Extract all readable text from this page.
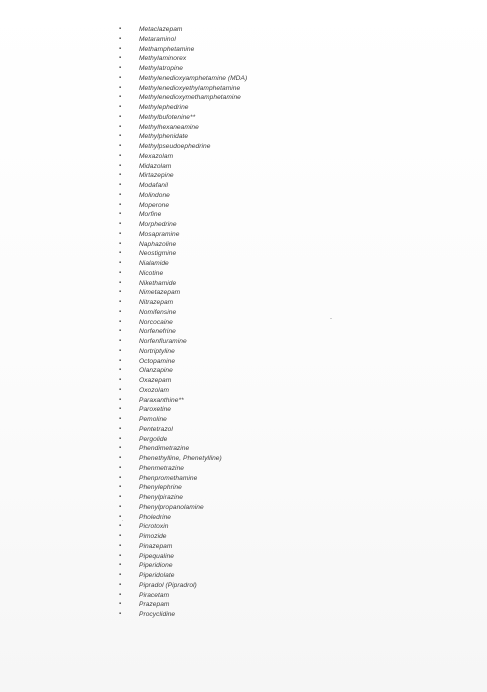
▪	Metaclazepam
▪	Metaraminol
▪	Methamphetamine
▪	Methylaminorex
▪	Methylatropine
▪	Methylenedioxyamphetamine (MDA)
▪	Methylenedioxyethylamphetamine
▪	Methylenedioxymethamphetamine
▪	Methylephedrine
▪	Methylbufotenine**
▪	Methylhexaneamine
▪	Methylphenidate
▪	Methylpseudoephedrine
▪	Mexazolam
▪	Midazolam
▪	Mirtazepine
▪	Modafanil
▪	Molindone
▪	Moperone
▪	Morfine
▪	Morphedrine
▪	Mosapramine
▪	Naphazoline
▪	Neostigmine
▪	Nialamide
▪	Nicotine
▪	Nikethamide
▪	Nimetazepam
▪	Nitrazepam
▪	Nomifensine
▪	Norcocaine
▪	Norfenefrine
▪	Norfenfluramine
▪	Nortriptyline
▪	Octopamine
▪	Olanzapine
▪	Oxazepam
▪	Oxozolam
▪	Paraxanthine**
▪	Paroxetine
▪	Pemoline
▪	Pentetrazol
▪	Pergolide
▪	Phendimetrazine
▪	Phenethylline, Phenetylline)
▪	Phenmetrazine
▪	Phenpromethamine
▪	Phenylephrine
▪	Phenylpirazine
▪	Phenylpropanolamine
▪	Pholedrine
▪	Picrotoxin
▪	Pimozide
▪	Pinazepam
▪	Pipequaline
▪	Piperidione
▪	Piperidolate
▪	Pipradol (Pipradrol)
▪	Piracetam
▪	Prazepam
▪	Procyclidine
